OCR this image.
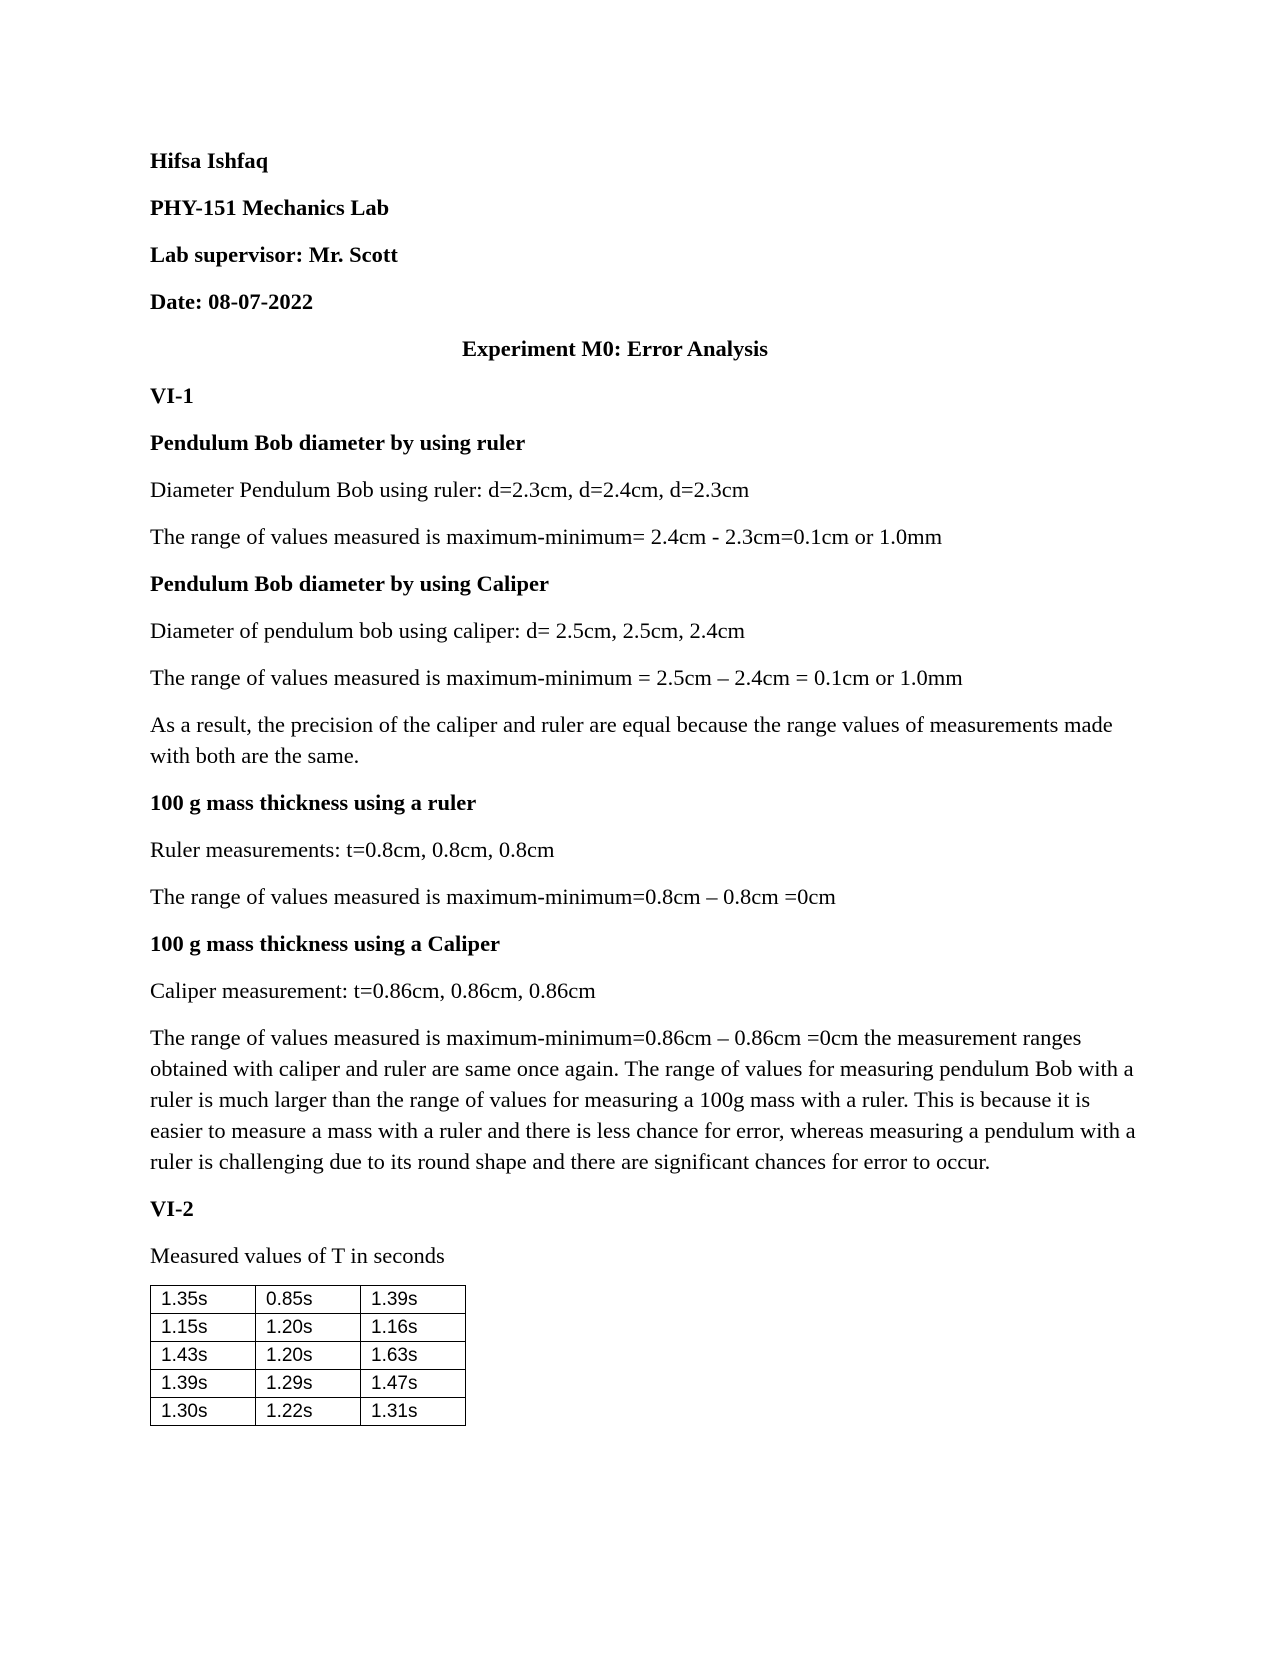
Hifsa Ishfaq
PHY-151 Mechanics Lab
Lab supervisor: Mr. Scott
Date: 08-07-2022
Experiment M0: Error Analysis
VI-1
Pendulum Bob diameter by using ruler
Diameter Pendulum Bob using ruler: d=2.3cm, d=2.4cm, d=2.3cm
The range of values measured is maximum-minimum= 2.4cm - 2.3cm=0.1cm or 1.0mm
Pendulum Bob diameter by using Caliper
Diameter of pendulum bob using caliper: d= 2.5cm, 2.5cm, 2.4cm
The range of values measured is maximum-minimum = 2.5cm – 2.4cm = 0.1cm or 1.0mm
As a result, the precision of the caliper and ruler are equal because the range values of measurements made with both are the same.
100 g mass thickness using a ruler
Ruler measurements: t=0.8cm, 0.8cm, 0.8cm
The range of values measured is maximum-minimum=0.8cm – 0.8cm =0cm
100 g mass thickness using a Caliper
Caliper measurement: t=0.86cm, 0.86cm, 0.86cm
The range of values measured is maximum-minimum=0.86cm – 0.86cm =0cm the measurement ranges obtained with caliper and ruler are same once again. The range of values for measuring pendulum Bob with a ruler is much larger than the range of values for measuring a 100g mass with a ruler. This is because it is easier to measure a mass with a ruler and there is less chance for error, whereas measuring a pendulum with a ruler is challenging due to its round shape and there are significant chances for error to occur.
VI-2
Measured values of T in seconds
1.35s	0.85s	1.39s
1.15s	1.20s	1.16s
1.43s	1.20s	1.63s
1.39s	1.29s	1.47s
1.30s	1.22s	1.31s
